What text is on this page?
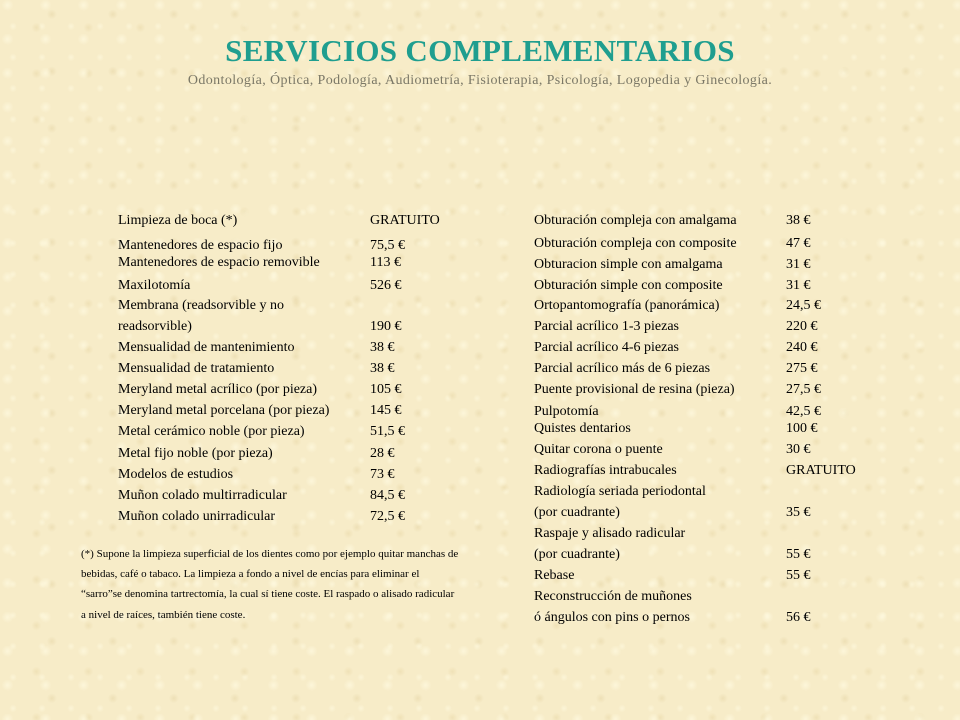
SERVICIOS COMPLEMENTARIOS
Odontología, Óptica, Podología, Audiometría, Fisioterapia, Psicología, Logopedia y Ginecología.
Limpieza de boca (*)	GRATUITO
Mantenedores de espacio fijo	75,5 €
Mantenedores de espacio removible	113 €
Maxilotomía	526 €
Membrana (readsorvible y no
readsorvible)	190 €
Mensualidad de mantenimiento	38 €
Mensualidad de tratamiento	38 €
Meryland metal acrílico (por pieza)	105 €
Meryland metal porcelana (por pieza)	145 €
Metal cerámico noble (por pieza)	51,5 €
Metal fijo noble (por pieza)	28 €
Modelos de estudios	73 €
Muñon colado multirradicular	84,5 €
Muñon colado unirradicular	72,5 €
Obturación compleja con amalgama	38 €
Obturación compleja con composite	47 €
Obturacion simple con amalgama	31 €
Obturación simple con composite	31 €
Ortopantomografía (panorámica)	24,5 €
Parcial acrílico 1-3 piezas	220 €
Parcial acrílico 4-6 piezas	240 €
Parcial acrílico más de 6 piezas	275 €
Puente provisional de resina (pieza)	27,5 €
Pulpotomía	42,5 €
Quistes dentarios	100 €
Quitar corona o puente	30 €
Radiografías intrabucales	GRATUITO
Radiología seriada periodontal
(por cuadrante)	35 €
Raspaje y alisado radicular
(por cuadrante)	55 €
Rebase	55 €
Reconstrucción de muñones
ó ángulos con pins o pernos	56 €
(*) Supone la limpieza superficial de los dientes como por ejemplo quitar manchas de bebidas, café o tabaco. La limpieza a fondo a nivel de encías para eliminar el “sarro”se denomina tartrectomía, la cual sí tiene coste. El raspado o alisado radicular a nivel de raíces, también tiene coste.
